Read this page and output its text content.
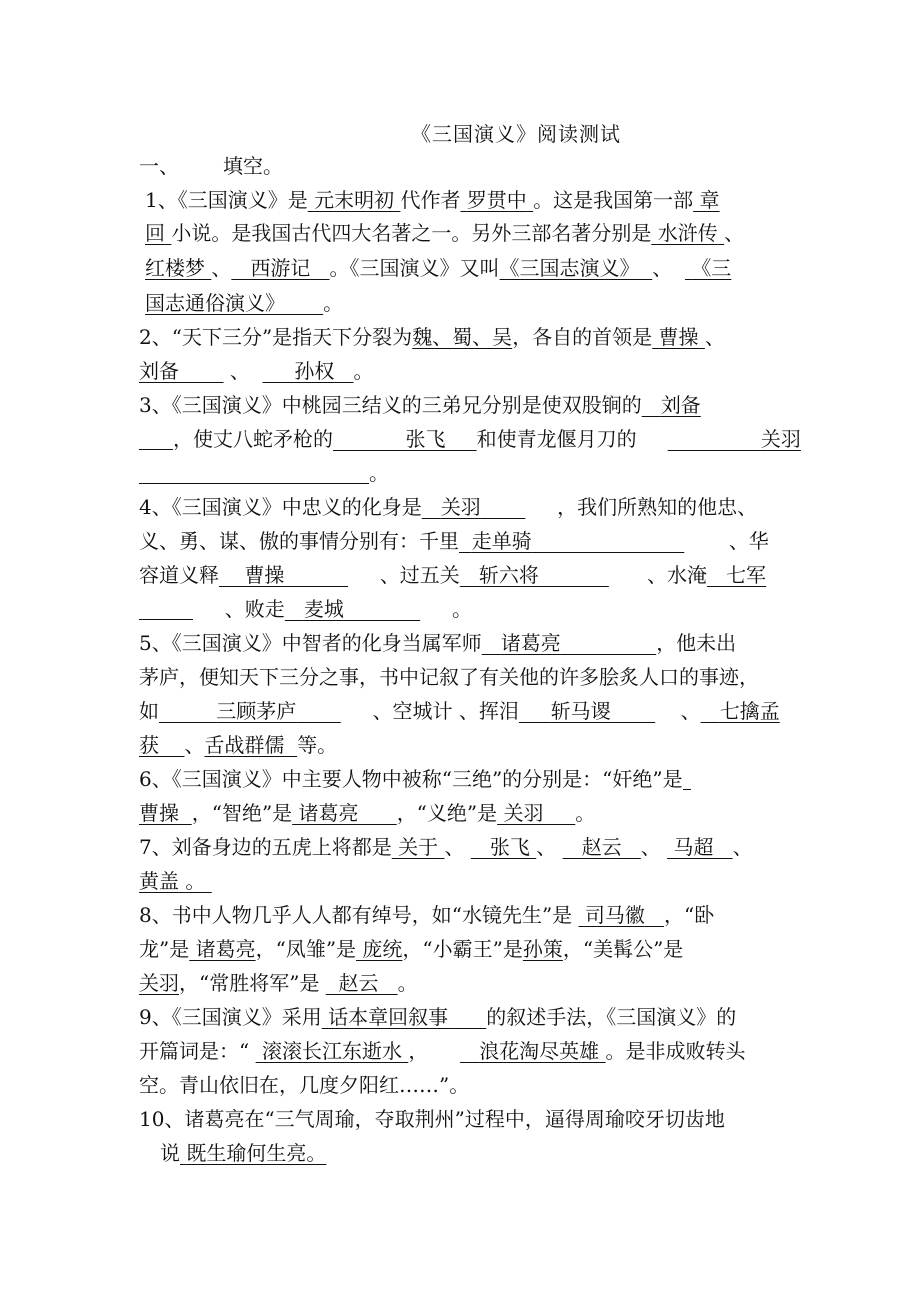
《三国演义》阅读测试
一、 填空。
1、《三国演义》是 元末明初 代作者 罗贯中 。这是我国第一部 章
回 小说。是我国古代四大名著之一。另外三部名著分别是 水浒传 、
红楼梦 、 西游记 。《三国演义》又叫《三国志演义》 、 《三
国志通俗演义》 。
2、“天下三分”是指天下分裂为魏、蜀、吴，各自的首领是 曹操 、
刘备	、 孙权 。
3、《三国演义》中桃园三结义的三弟兄分别是使双股锏的 刘备
，使丈八蛇矛枪的	张飞 和使青龙偃月刀的	关羽
。
4、《三国演义》中忠义的化身是 关羽	，我们所熟知的他忠、
义、勇、谋、傲的事情分别有：千里 走单骑	、华
容道义释 曹操	、过五关 斩六将	、水淹 七军
、败走 麦城	。
5、《三国演义》中智者的化身当属军师 诸葛亮	，他未出
茅庐，便知天下三分之事，书中记叙了有关他的许多脍炙人口的事迹，
如	三顾茅庐	、空城计 、挥泪 斩马谡	、 七擒孟
获 、舌战群儒 等。
6、《三国演义》中主要人物中被称“三绝”的分别是：“奸绝”是
曹操 ，“智绝”是 诸葛亮 ，“义绝”是 关羽 。
7、刘备身边的五虎上将都是 关于 、 张飞 、 赵云 、 马超 、
黄盖 。
8、书中人物几乎人人都有绰号，如“水镜先生”是 司马徽 ，“卧
龙”是 诸葛亮，“凤雏”是 庞统，“小霸王”是孙策，“美髯公”是
关羽，“常胜将军”是 赵云 。
9、《三国演义》采用 话本章回叙事 的叙述手法，《三国演义》的
开篇词是：“ 滚滚长江东逝水 ，	浪花淘尽英雄 。是非成败转头
空。青山依旧在，几度夕阳红……”。
10、诸葛亮在“三气周瑜，夺取荆州”过程中，逼得周瑜咬牙切齿地
说 既生瑜何生亮。
